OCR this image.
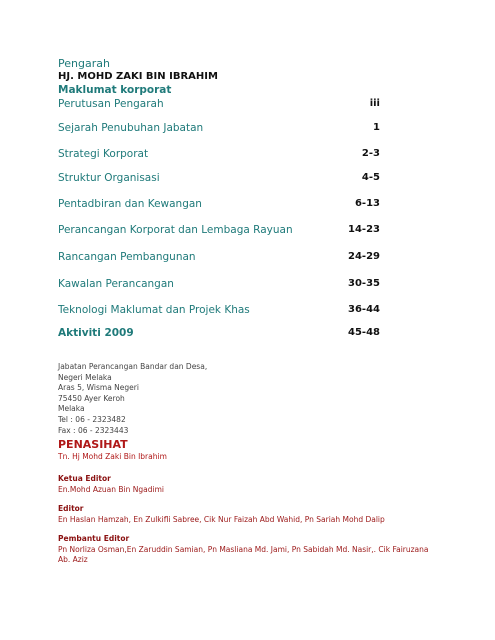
Pengarah
HJ. MOHD ZAKI BIN IBRAHIM
Maklumat korporat
Perutusan Pengarah	iii
Sejarah Penubuhan Jabatan	1
Strategi Korporat	2-3
Struktur Organisasi	4-5
Pentadbiran dan Kewangan	6-13
Perancangan Korporat dan Lembaga Rayuan	14-23
Rancangan Pembangunan	24-29
Kawalan Perancangan	30-35
Teknologi Maklumat dan Projek Khas	36-44
Aktiviti 2009	45-48
Jabatan Perancangan Bandar dan Desa,
Negeri Melaka
Aras 5, Wisma Negeri
75450 Ayer Keroh
Melaka
Tel : 06 - 2323482
Fax : 06 - 2323443
PENASIHAT
Tn. Hj Mohd Zaki Bin Ibrahim
Ketua Editor
En.Mohd Azuan Bin Ngadimi
Editor
En Haslan Hamzah, En Zulkifli Sabree, Cik Nur Faizah Abd Wahid, Pn Sariah Mohd Dalip
Pembantu Editor
Pn Norliza Osman,En Zaruddin Samian, Pn Masliana Md. Jami, Pn Sabidah Md. Nasir,. Cik Fairuzana Ab. Aziz
